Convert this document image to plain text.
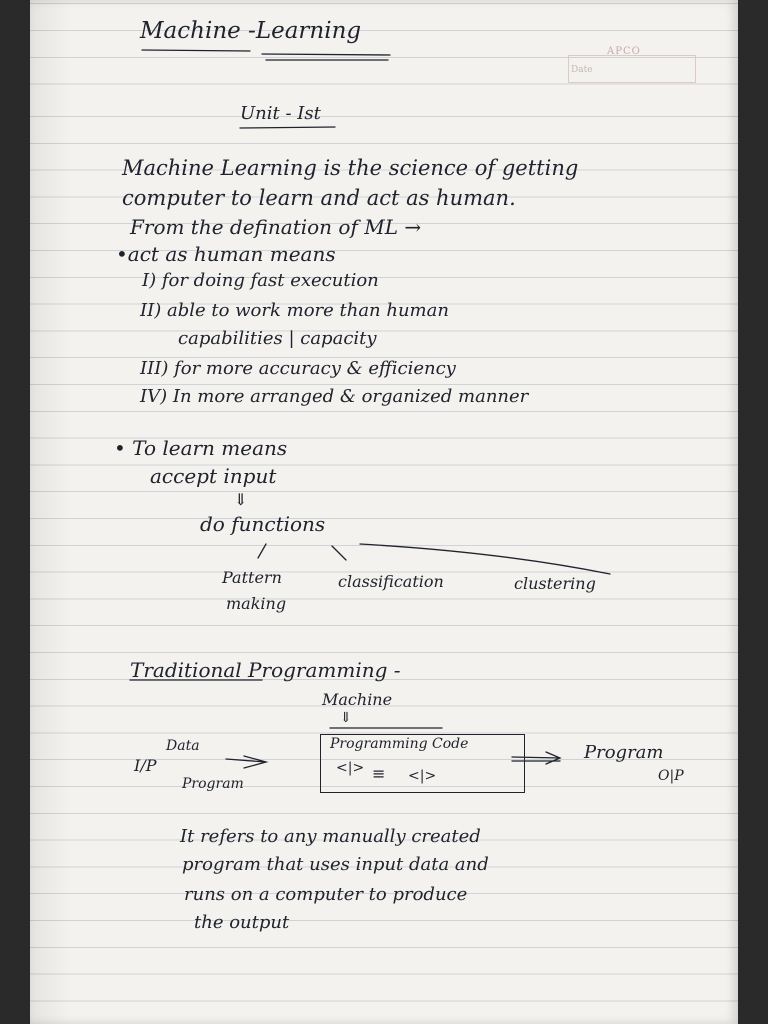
APCO
Date
Machine -Learning
Unit - Ist
Machine Learning is the science of getting
computer to learn and act as human.
From the defination of ML →
•act as human means
I) for doing fast execution
II) able to work more than human
capabilities | capacity
III) for more accuracy & efficiency
IV) In more arranged & organized manner
• To learn means
accept input
⇓
do functions
Pattern
making
classification	clustering
Traditional Programming -
Machine
⇓
I/P
Data
Program
Programming Code
<|> ≡ <|>
Program
O|P
It refers to any manually created
program that uses input data and
runs on a computer to produce
the output
